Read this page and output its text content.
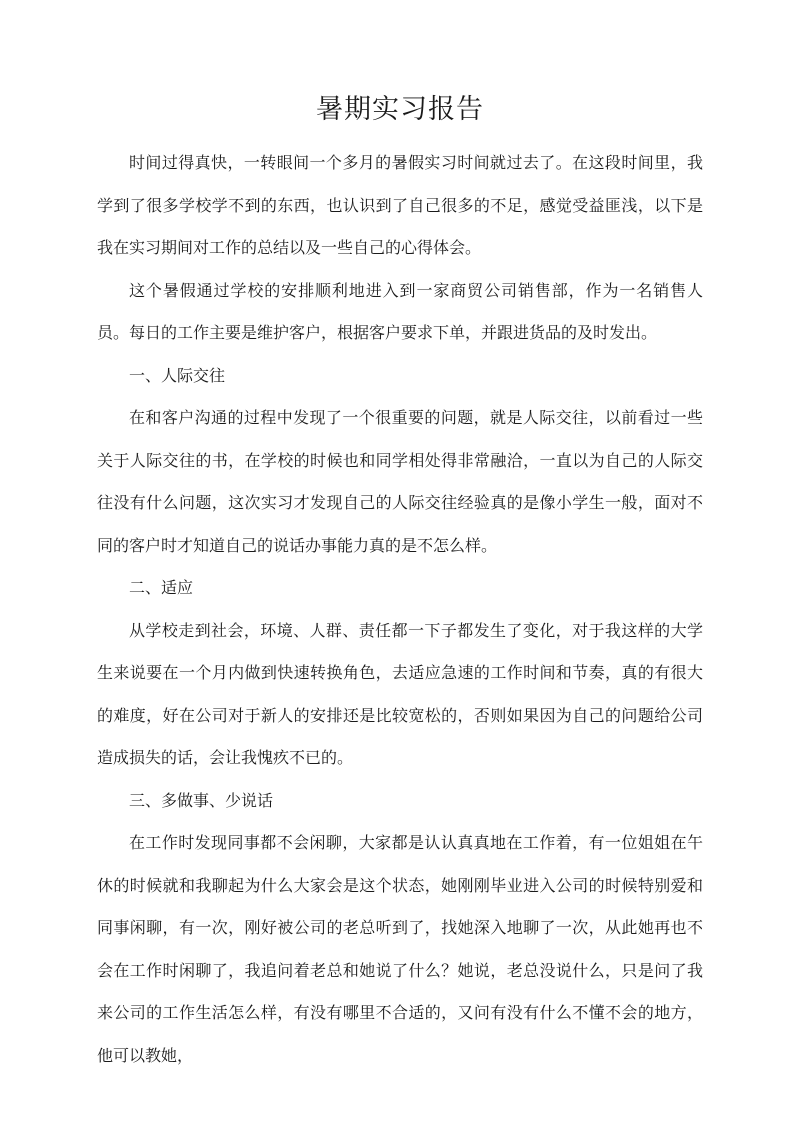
暑期实习报告

时间过得真快，一转眼间一个多月的暑假实习时间就过去了。在这段时间里，我学到了很多学校学不到的东西，也认识到了自己很多的不足，感觉受益匪浅，以下是我在实习期间对工作的总结以及一些自己的心得体会。

这个暑假通过学校的安排顺利地进入到一家商贸公司销售部，作为一名销售人员。每日的工作主要是维护客户，根据客户要求下单，并跟进货品的及时发出。

一、人际交往

在和客户沟通的过程中发现了一个很重要的问题，就是人际交往，以前看过一些关于人际交往的书，在学校的时候也和同学相处得非常融洽，一直以为自己的人际交往没有什么问题，这次实习才发现自己的人际交往经验真的是像小学生一般，面对不同的客户时才知道自己的说话办事能力真的是不怎么样。

二、适应

从学校走到社会，环境、人群、责任都一下子都发生了变化，对于我这样的大学生来说要在一个月内做到快速转换角色，去适应急速的工作时间和节奏，真的有很大的难度，好在公司对于新人的安排还是比较宽松的，否则如果因为自己的问题给公司造成损失的话，会让我愧疚不已的。

三、多做事、少说话

在工作时发现同事都不会闲聊，大家都是认认真真地在工作着，有一位姐姐在午休的时候就和我聊起为什么大家会是这个状态，她刚刚毕业进入公司的时候特别爱和同事闲聊，有一次，刚好被公司的老总听到了，找她深入地聊了一次，从此她再也不会在工作时闲聊了，我追问着老总和她说了什么？她说，老总没说什么，只是问了我来公司的工作生活怎么样，有没有哪里不合适的，又问有没有什么不懂不会的地方，他可以教她，
